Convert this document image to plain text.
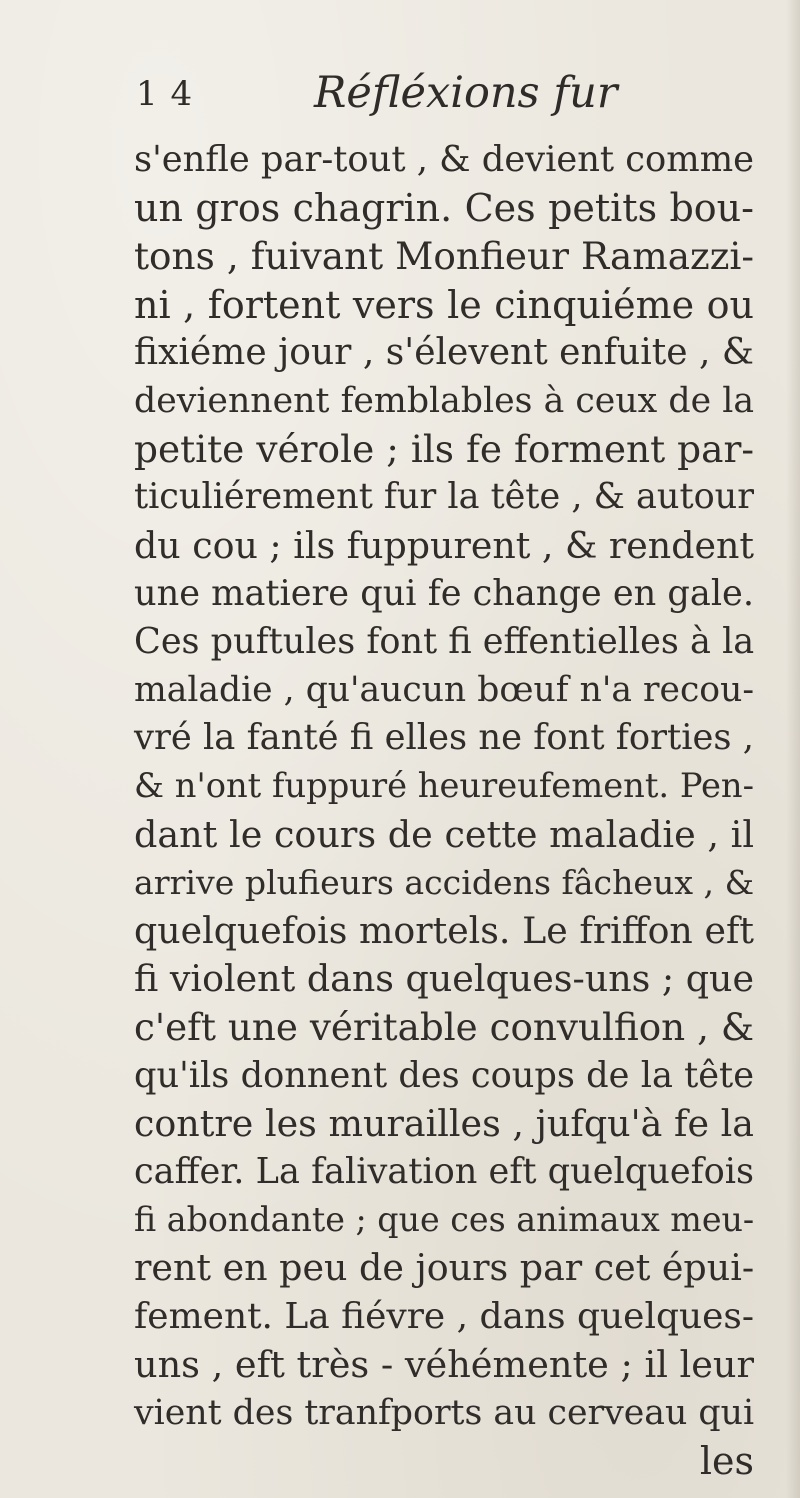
1 4	Réfléxions fur
s'enfle par-tout , & devient comme
un gros chagrin. Ces petits bou-
tons , fuivant Monfieur Ramazzi-
ni , fortent vers le cinquiéme ou
fixiéme jour , s'élevent enfuite , &
deviennent femblables à ceux de la
petite vérole ; ils fe forment par-
ticuliérement fur la tête , & autour
du cou ; ils fuppurent , & rendent
une matiere qui fe change en gale.
Ces puftules font fi effentielles à la
maladie , qu'aucun bœuf n'a recou-
vré la fanté fi elles ne font forties ,
& n'ont fuppuré heureufement. Pen-
dant le cours de cette maladie , il
arrive plufieurs accidens fâcheux , &
quelquefois mortels. Le friffon eft
fi violent dans quelques-uns ; que
c'eft une véritable convulfion , &
qu'ils donnent des coups de la tête
contre les murailles , jufqu'à fe la
caffer. La falivation eft quelquefois
fi abondante ; que ces animaux meu-
rent en peu de jours par cet épui-
fement. La fiévre , dans quelques-
uns , eft très - véhémente ; il leur
vient des tranfports au cerveau qui
les
